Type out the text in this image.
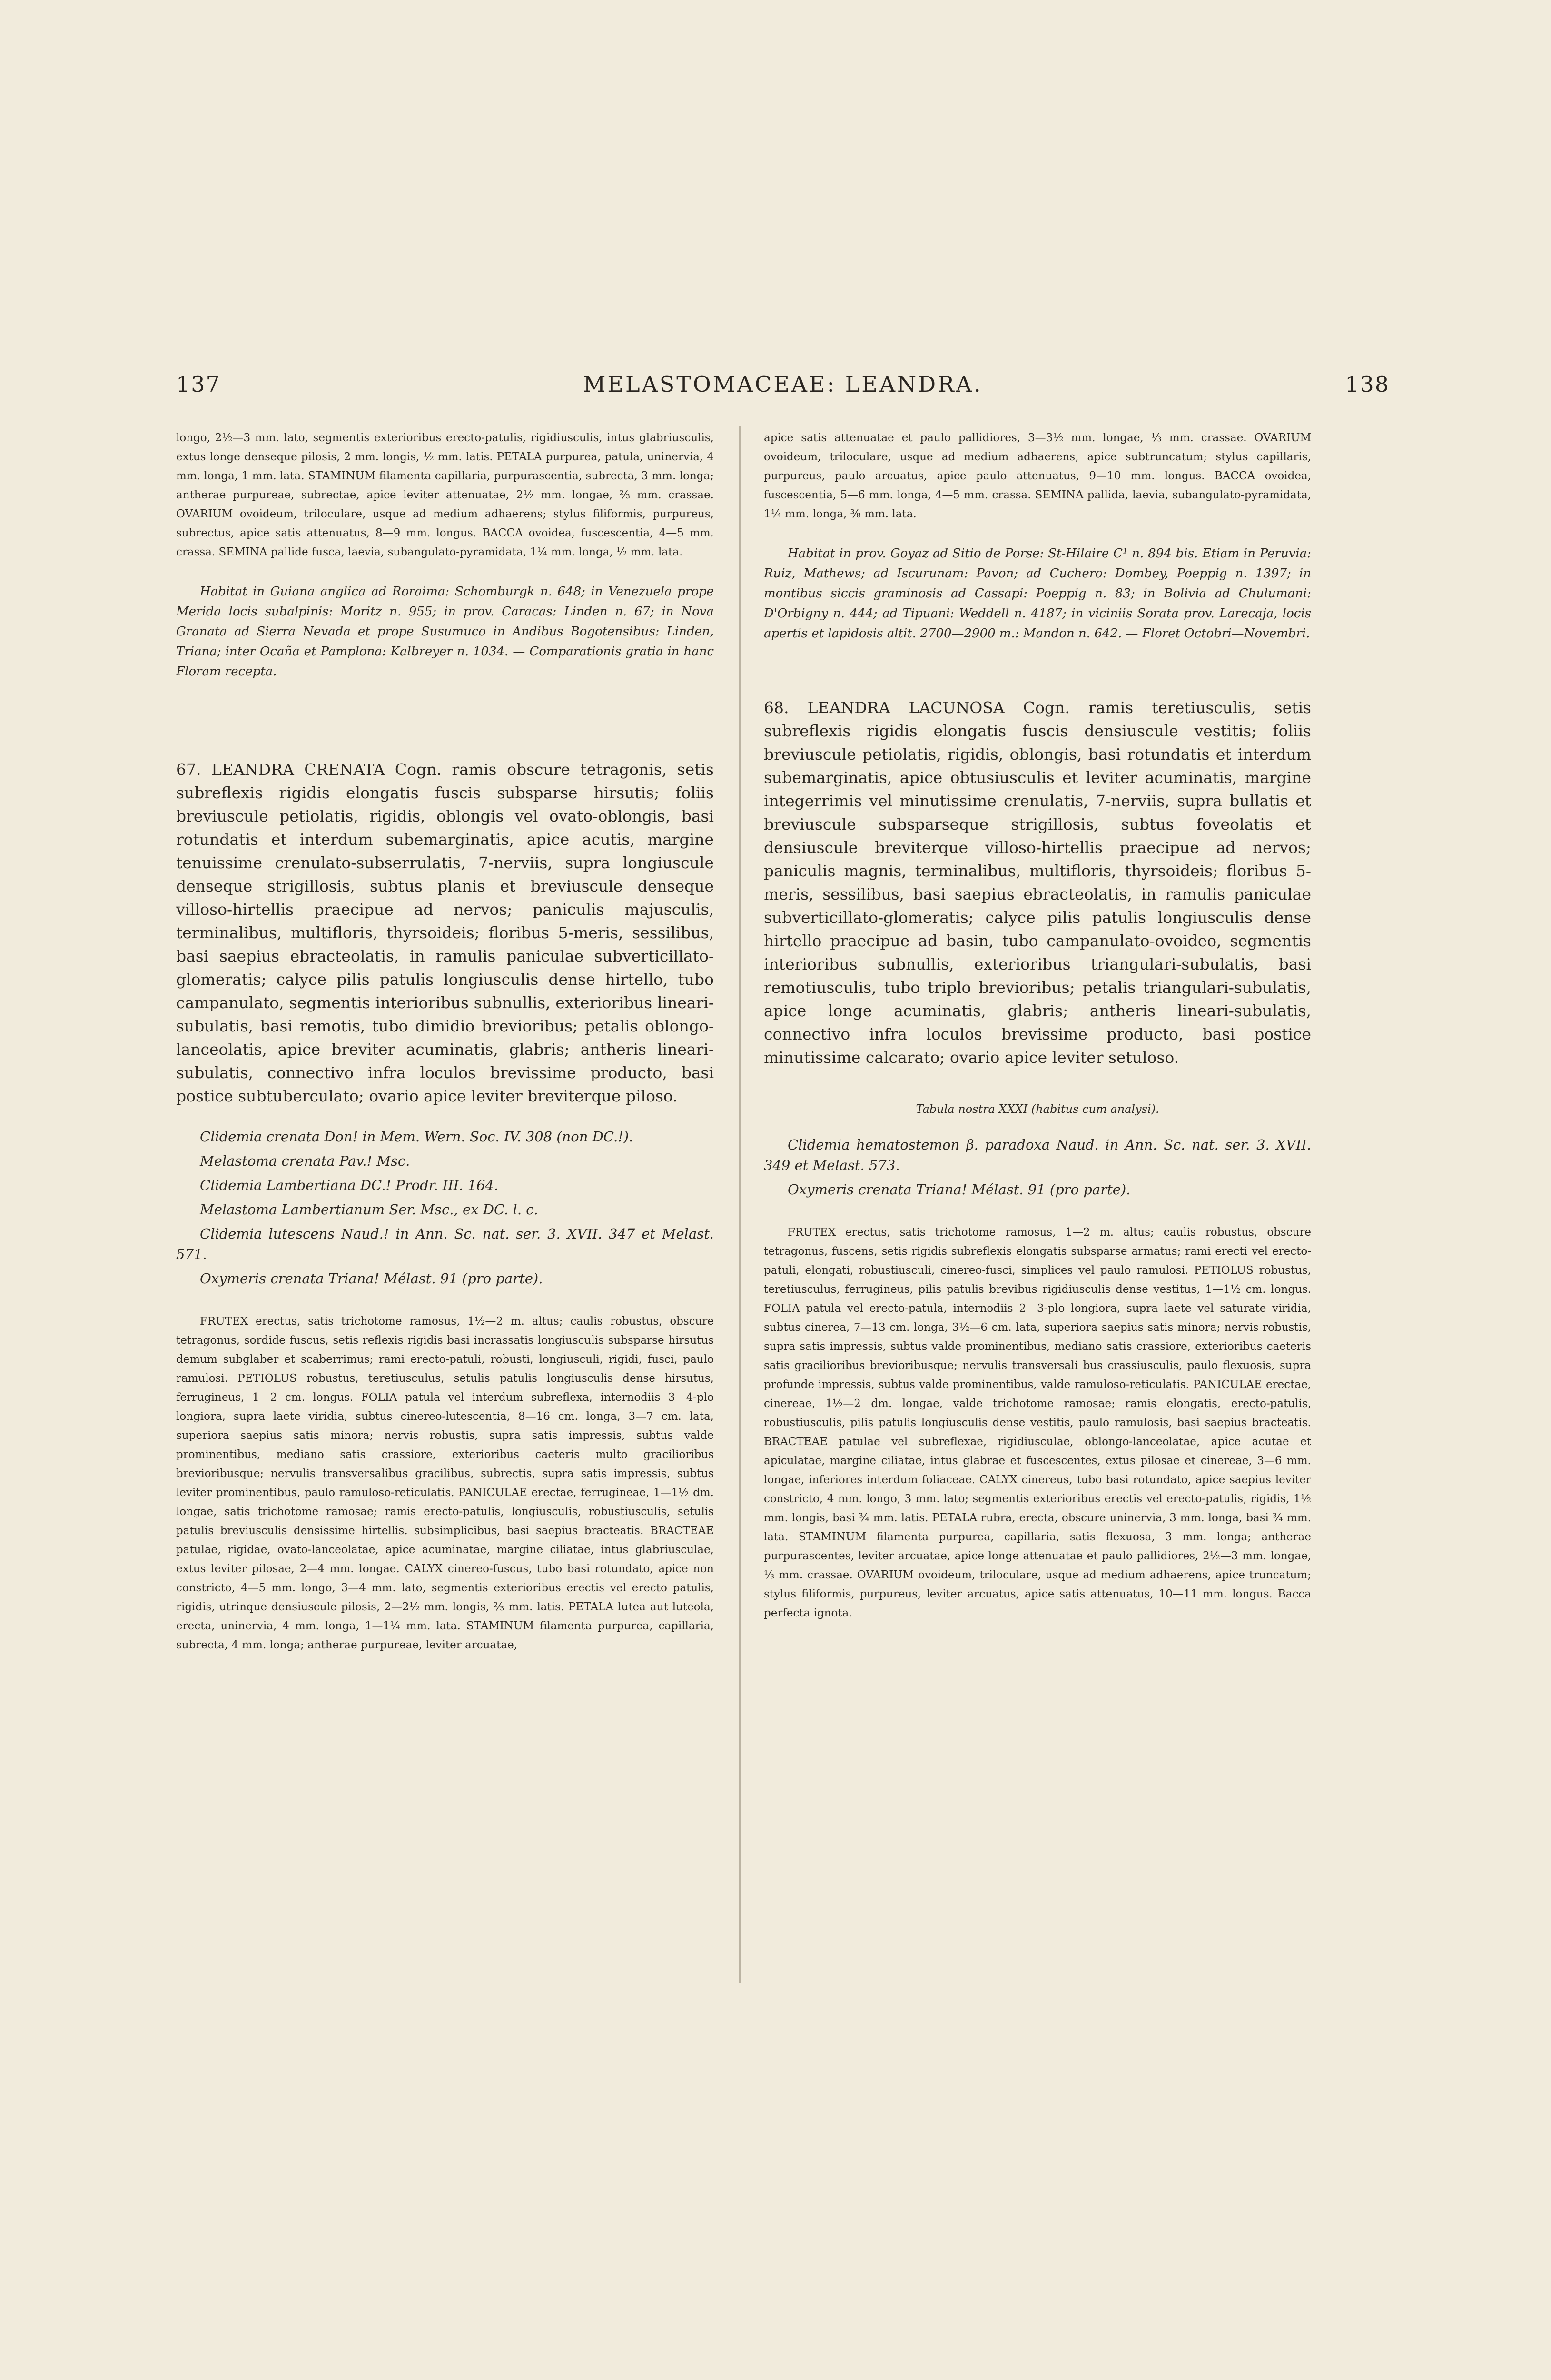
137	MELASTOMACEAE: LEANDRA.	138

longo, 2½—3 mm. lato, segmentis exterioribus erecto-patulis, rigidiusculis, intus glabriusculis, extus longe denseque pilosis, 2 mm. longis, ½ mm. latis. PETALA purpurea, patula, uninervia, 4 mm. longa, 1 mm. lata. STAMINUM filamenta capillaria, purpurascentia, subrecta, 3 mm. longa; antherae purpureae, subrectae, apice leviter attenuatae, 2½ mm. longae, ⅔ mm. crassae. OVARIUM ovoideum, triloculare, usque ad medium adhaerens; stylus filiformis, purpureus, subrectus, apice satis attenuatus, 8—9 mm. longus. BACCA ovoidea, fuscescentia, 4—5 mm. crassa. SEMINA pallide fusca, laevia, subangulato-pyramidata, 1¼ mm. longa, ½ mm. lata.

Habitat in Guiana anglica ad Roraima: Schomburgk n. 648; in Venezuela prope Merida locis subalpinis: Moritz n. 955; in prov. Caracas: Linden n. 67; in Nova Granata ad Sierra Nevada et prope Susumuco in Andibus Bogotensibus: Linden, Triana; inter Ocaña et Pamplona: Kalbreyer n. 1034. — Comparationis gratia in hanc Floram recepta.

67. LEANDRA CRENATA Cogn. ramis obscure tetragonis, setis subreflexis rigidis elongatis fuscis subsparse hirsutis; foliis breviuscule petiolatis, rigidis, oblongis vel ovato-oblongis, basi rotundatis et interdum subemarginatis, apice acutis, margine tenuissime crenulato-subserrulatis, 7-nerviis, supra longiuscule denseque strigillosis, subtus planis et breviuscule denseque villoso-hirtellis praecipue ad nervos; paniculis majusculis, terminalibus, multifloris, thyrsoideis; floribus 5-meris, sessilibus, basi saepius ebracteolatis, in ramulis paniculae subverticillato-glomeratis; calyce pilis patulis longiusculis dense hirtello, tubo campanulato, segmentis interioribus subnullis, exterioribus lineari-subulatis, basi remotis, tubo dimidio brevioribus; petalis oblongo-lanceolatis, apice breviter acuminatis, glabris; antheris lineari-subulatis, connectivo infra loculos brevissime producto, basi postice subtuberculato; ovario apice leviter breviterque piloso.

Clidemia crenata Don! in Mem. Wern. Soc. IV. 308 (non DC.!).

Melastoma crenata Pav.! Msc.

Clidemia Lambertiana DC.! Prodr. III. 164.

Melastoma Lambertianum Ser. Msc., ex DC. l. c.

Clidemia lutescens Naud.! in Ann. Sc. nat. ser. 3. XVII. 347 et Melast. 571.

Oxymeris crenata Triana! Mélast. 91 (pro parte).

FRUTEX erectus, satis trichotome ramosus, 1½—2 m. altus; caulis robustus, obscure tetragonus, sordide fuscus, setis reflexis rigidis basi incrassatis longiusculis subsparse hirsutus demum subglaber et scaberrimus; rami erecto-patuli, robusti, longiusculi, rigidi, fusci, paulo ramulosi. PETIOLUS robustus, teretiusculus, setulis patulis longiusculis dense hirsutus, ferrugineus, 1—2 cm. longus. FOLIA patula vel interdum subreflexa, internodiis 3—4-plo longiora, supra laete viridia, subtus cinereo-lutescentia, 8—16 cm. longa, 3—7 cm. lata, superiora saepius satis minora; nervis robustis, supra satis impressis, subtus valde prominentibus, mediano satis crassiore, exterioribus caeteris multo gracilioribus brevioribusque; nervulis transversalibus gracilibus, subrectis, supra satis impressis, subtus leviter prominentibus, paulo ramuloso-reticulatis. PANICULAE erectae, ferrugineae, 1—1½ dm. longae, satis trichotome ramosae; ramis erecto-patulis, longiusculis, robustiusculis, setulis patulis breviusculis densissime hirtellis. subsimplicibus, basi saepius bracteatis. BRACTEAE patulae, rigidae, ovato-lanceolatae, apice acuminatae, margine ciliatae, intus glabriusculae, extus leviter pilosae, 2—4 mm. longae. CALYX cinereo-fuscus, tubo basi rotundato, apice non constricto, 4—5 mm. longo, 3—4 mm. lato, segmentis exterioribus erectis vel erecto patulis, rigidis, utrinque densiuscule pilosis, 2—2½ mm. longis, ⅔ mm. latis. PETALA lutea aut luteola, erecta, uninervia, 4 mm. longa, 1—1¼ mm. lata. STAMINUM filamenta purpurea, capillaria, subrecta, 4 mm. longa; antherae purpureae, leviter arcuatae,

apice satis attenuatae et paulo pallidiores, 3—3½ mm. longae, ⅓ mm. crassae. OVARIUM ovoideum, triloculare, usque ad medium adhaerens, apice subtruncatum; stylus capillaris, purpureus, paulo arcuatus, apice paulo attenuatus, 9—10 mm. longus. BACCA ovoidea, fuscescentia, 5—6 mm. longa, 4—5 mm. crassa. SEMINA pallida, laevia, subangulato-pyramidata, 1¼ mm. longa, ⅜ mm. lata.

Habitat in prov. Goyaz ad Sitio de Porse: St-Hilaire C¹ n. 894 bis. Etiam in Peruvia: Ruiz, Mathews; ad Iscurunam: Pavon; ad Cuchero: Dombey, Poeppig n. 1397; in montibus siccis graminosis ad Cassapi: Poeppig n. 83; in Bolivia ad Chulumani: D'Orbigny n. 444; ad Tipuani: Weddell n. 4187; in viciniis Sorata prov. Larecaja, locis apertis et lapidosis altit. 2700—2900 m.: Mandon n. 642. — Floret Octobri—Novembri.

68. LEANDRA LACUNOSA Cogn. ramis teretiusculis, setis subreflexis rigidis elongatis fuscis densiuscule vestitis; foliis breviuscule petiolatis, rigidis, oblongis, basi rotundatis et interdum subemarginatis, apice obtusiusculis et leviter acuminatis, margine integerrimis vel minutissime crenulatis, 7-nerviis, supra bullatis et breviuscule subsparseque strigillosis, subtus foveolatis et densiuscule breviterque villoso-hirtellis praecipue ad nervos; paniculis magnis, terminalibus, multifloris, thyrsoideis; floribus 5-meris, sessilibus, basi saepius ebracteolatis, in ramulis paniculae subverticillato-glomeratis; calyce pilis patulis longiusculis dense hirtello praecipue ad basin, tubo campanulato-ovoideo, segmentis interioribus subnullis, exterioribus triangulari-subulatis, basi remotiusculis, tubo triplo brevioribus; petalis triangulari-subulatis, apice longe acuminatis, glabris; antheris lineari-subulatis, connectivo infra loculos brevissime producto, basi postice minutissime calcarato; ovario apice leviter setuloso.

Tabula nostra XXXI (habitus cum analysi).

Clidemia hematostemon β. paradoxa Naud. in Ann. Sc. nat. ser. 3. XVII. 349 et Melast. 573.

Oxymeris crenata Triana! Mélast. 91 (pro parte).

FRUTEX erectus, satis trichotome ramosus, 1—2 m. altus; caulis robustus, obscure tetragonus, fuscens, setis rigidis subreflexis elongatis subsparse armatus; rami erecti vel erecto-patuli, elongati, robustiusculi, cinereo-fusci, simplices vel paulo ramulosi. PETIOLUS robustus, teretiusculus, ferrugineus, pilis patulis brevibus rigidiusculis dense vestitus, 1—1½ cm. longus. FOLIA patula vel erecto-patula, internodiis 2—3-plo longiora, supra laete vel saturate viridia, subtus cinerea, 7—13 cm. longa, 3½—6 cm. lata, superiora saepius satis minora; nervis robustis, supra satis impressis, subtus valde prominentibus, mediano satis crassiore, exterioribus caeteris satis gracilioribus brevioribusque; nervulis transversali bus crassiusculis, paulo flexuosis, supra profunde impressis, subtus valde prominentibus, valde ramuloso-reticulatis. PANICULAE erectae, cinereae, 1½—2 dm. longae, valde trichotome ramosae; ramis elongatis, erecto-patulis, robustiusculis, pilis patulis longiusculis dense vestitis, paulo ramulosis, basi saepius bracteatis. BRACTEAE patulae vel subreflexae, rigidiusculae, oblongo-lanceolatae, apice acutae et apiculatae, margine ciliatae, intus glabrae et fuscescentes, extus pilosae et cinereae, 3—6 mm. longae, inferiores interdum foliaceae. CALYX cinereus, tubo basi rotundato, apice saepius leviter constricto, 4 mm. longo, 3 mm. lato; segmentis exterioribus erectis vel erecto-patulis, rigidis, 1½ mm. longis, basi ¾ mm. latis. PETALA rubra, erecta, obscure uninervia, 3 mm. longa, basi ¾ mm. lata. STAMINUM filamenta purpurea, capillaria, satis flexuosa, 3 mm. longa; antherae purpurascentes, leviter arcuatae, apice longe attenuatae et paulo pallidiores, 2½—3 mm. longae, ⅓ mm. crassae. OVARIUM ovoideum, triloculare, usque ad medium adhaerens, apice truncatum; stylus filiformis, purpureus, leviter arcuatus, apice satis attenuatus, 10—11 mm. longus. Bacca perfecta ignota.
